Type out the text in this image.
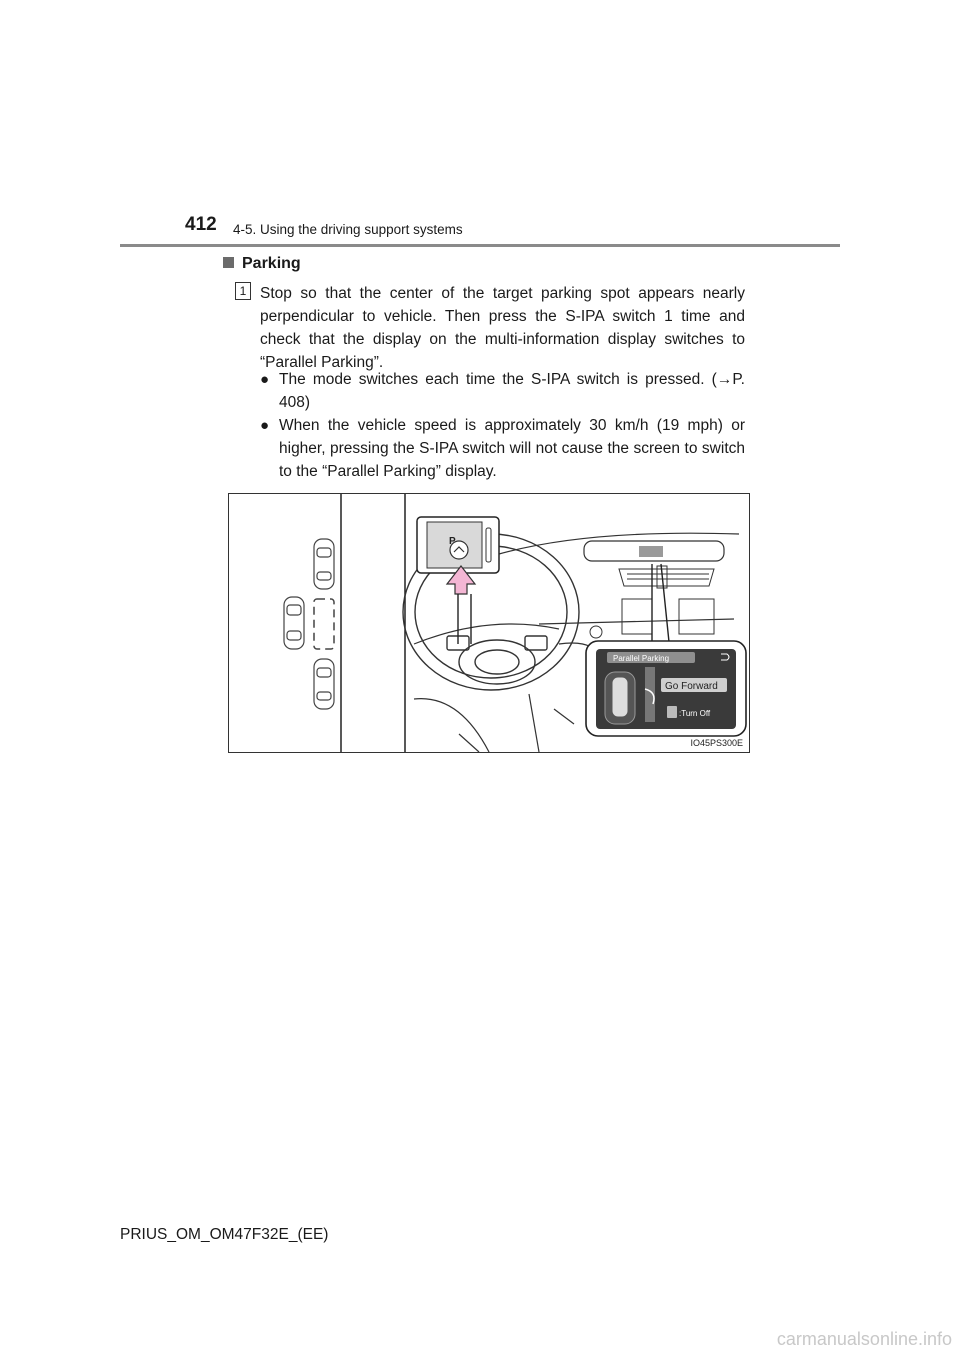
412 4-5. Using the driving support systems
Parking
1 Stop so that the center of the target parking spot appears nearly perpendicular to vehicle. Then press the S-IPA switch 1 time and check that the display on the multi-information display switches to “Parallel Parking”.
● The mode switches each time the S-IPA switch is pressed. (→P. 408)
● When the vehicle speed is approximately 30 km/h (19 mph) or higher, pressing the S-IPA switch will not cause the screen to switch to the “Parallel Parking” display.
P
Parallel Parking
Go Forward
:Turn Off
IO45PS300E
PRIUS_OM_OM47F32E_(EE)
carmanualsonline.info
